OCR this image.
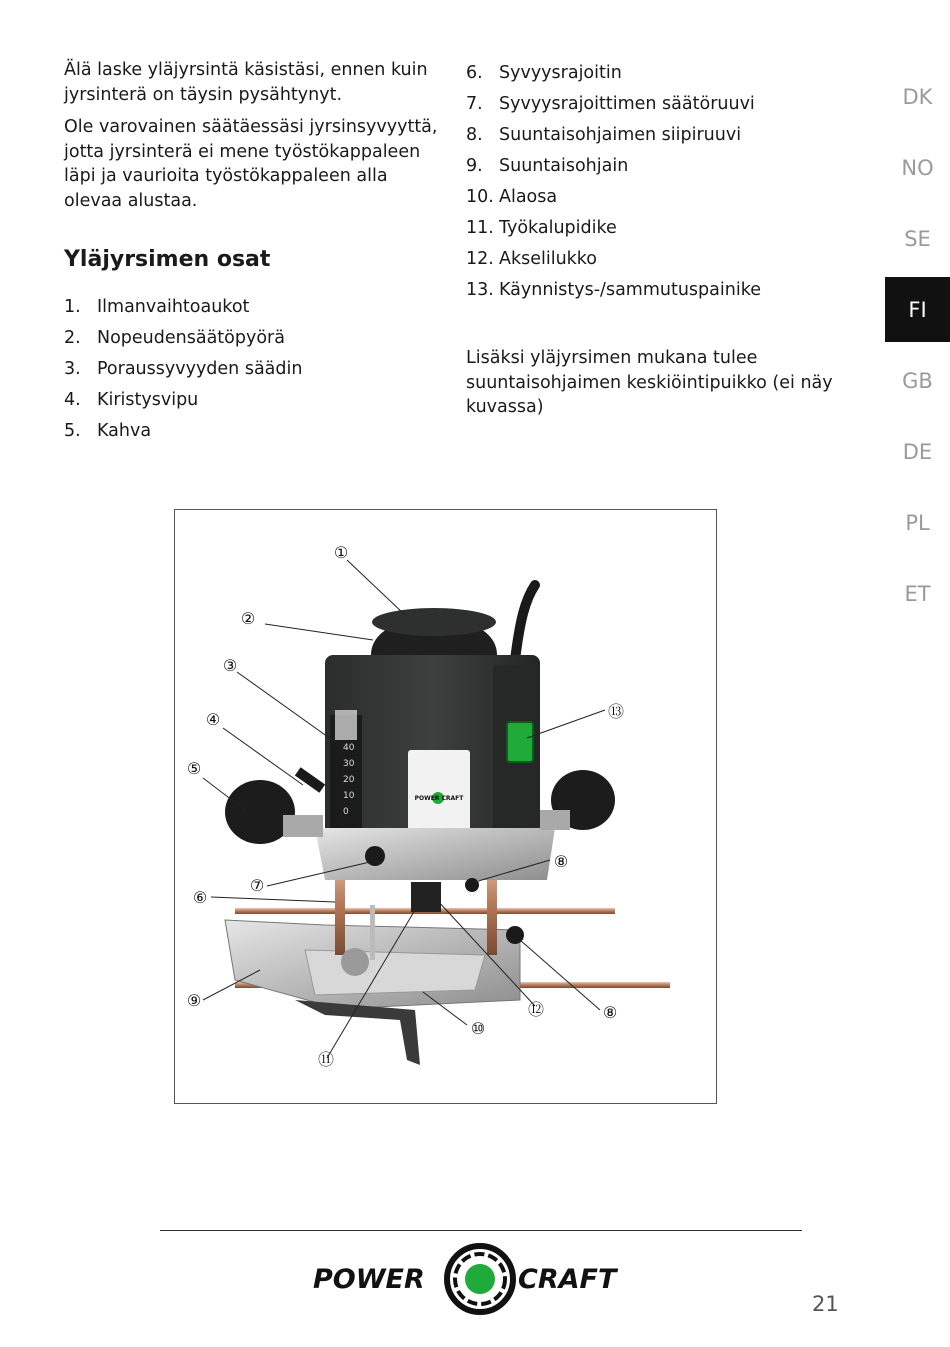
Älä laske yläjyrsintä käsistäsi, ennen kuin jyrsinterä on täysin pysähtynyt.

Ole varovainen säätäessäsi jyrsinsyvyyttä, jotta jyrsinterä ei mene työstökappaleen läpi ja vaurioita työstökappaleen alla olevaa alustaa.

Yläjyrsimen osat
1. Ilmanvaihtoaukot
2. Nopeudensäätöpyörä
3. Poraussyvyyden säädin
4. Kiristysvipu
5. Kahva
6. Syvyysrajoitin
7. Syvyysrajoittimen säätöruuvi
8. Suuntaisohjaimen siipiruuvi
9. Suuntaisohjain
10. Alaosa
11. Työkalupidike
12. Akselilukko
13. Käynnistys-/sammutuspainike

Lisäksi yläjyrsimen mukana tulee suuntaisohjaimen keskiöintipuikko (ei näy kuvassa)

DK
NO
SE
FI
GB
DE
PL
ET
POWER CRAFT
40
30
20
10
0
①
②
③
④
⑤
⑥
⑦
⑧
⑧
⑨
⑩
⑪
⑫
⑬
POWER	CRAFT
21
